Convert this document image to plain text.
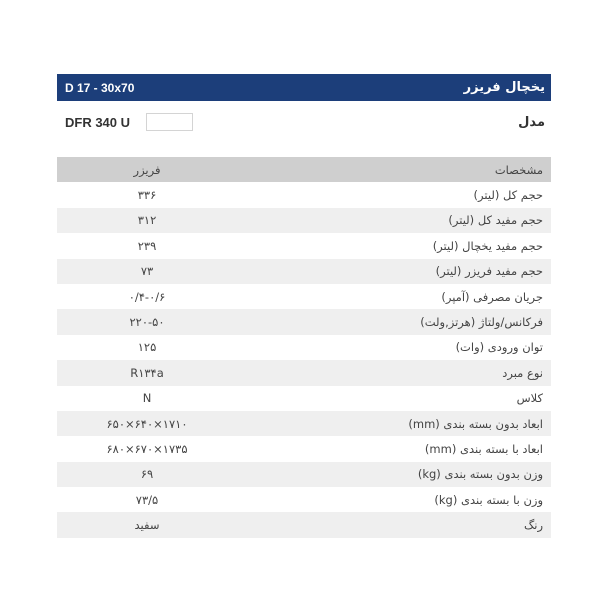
D 17 - 30x70	یخچال فریزر
DFR 340 U	مدل
فریزر	مشخصات
۳۳۶	حجم کل (لیتر)
۳۱۲	حجم مفید کل (لیتر)
۲۳۹	حجم مفید یخچال (لیتر)
۷۳	حجم مفید فریزر (لیتر)
۰/۴-۰/۶	جریان مصرفی (آمپر)
۲۲۰-۵۰	فرکانس/ولتاژ (هرتز,ولت)
۱۲۵	توان ورودی (وات)
R۱۳۴a	نوع مبرد
N	کلاس
۶۵۰×۶۴۰×۱۷۱۰	ابعاد بدون بسته بندی (mm)
۶۸۰×۶۷۰×۱۷۳۵	ابعاد با بسته بندی (mm)
۶۹	وزن بدون بسته بندی (kg)
۷۳/۵	وزن با بسته بندی (kg)
سفید	رنگ
